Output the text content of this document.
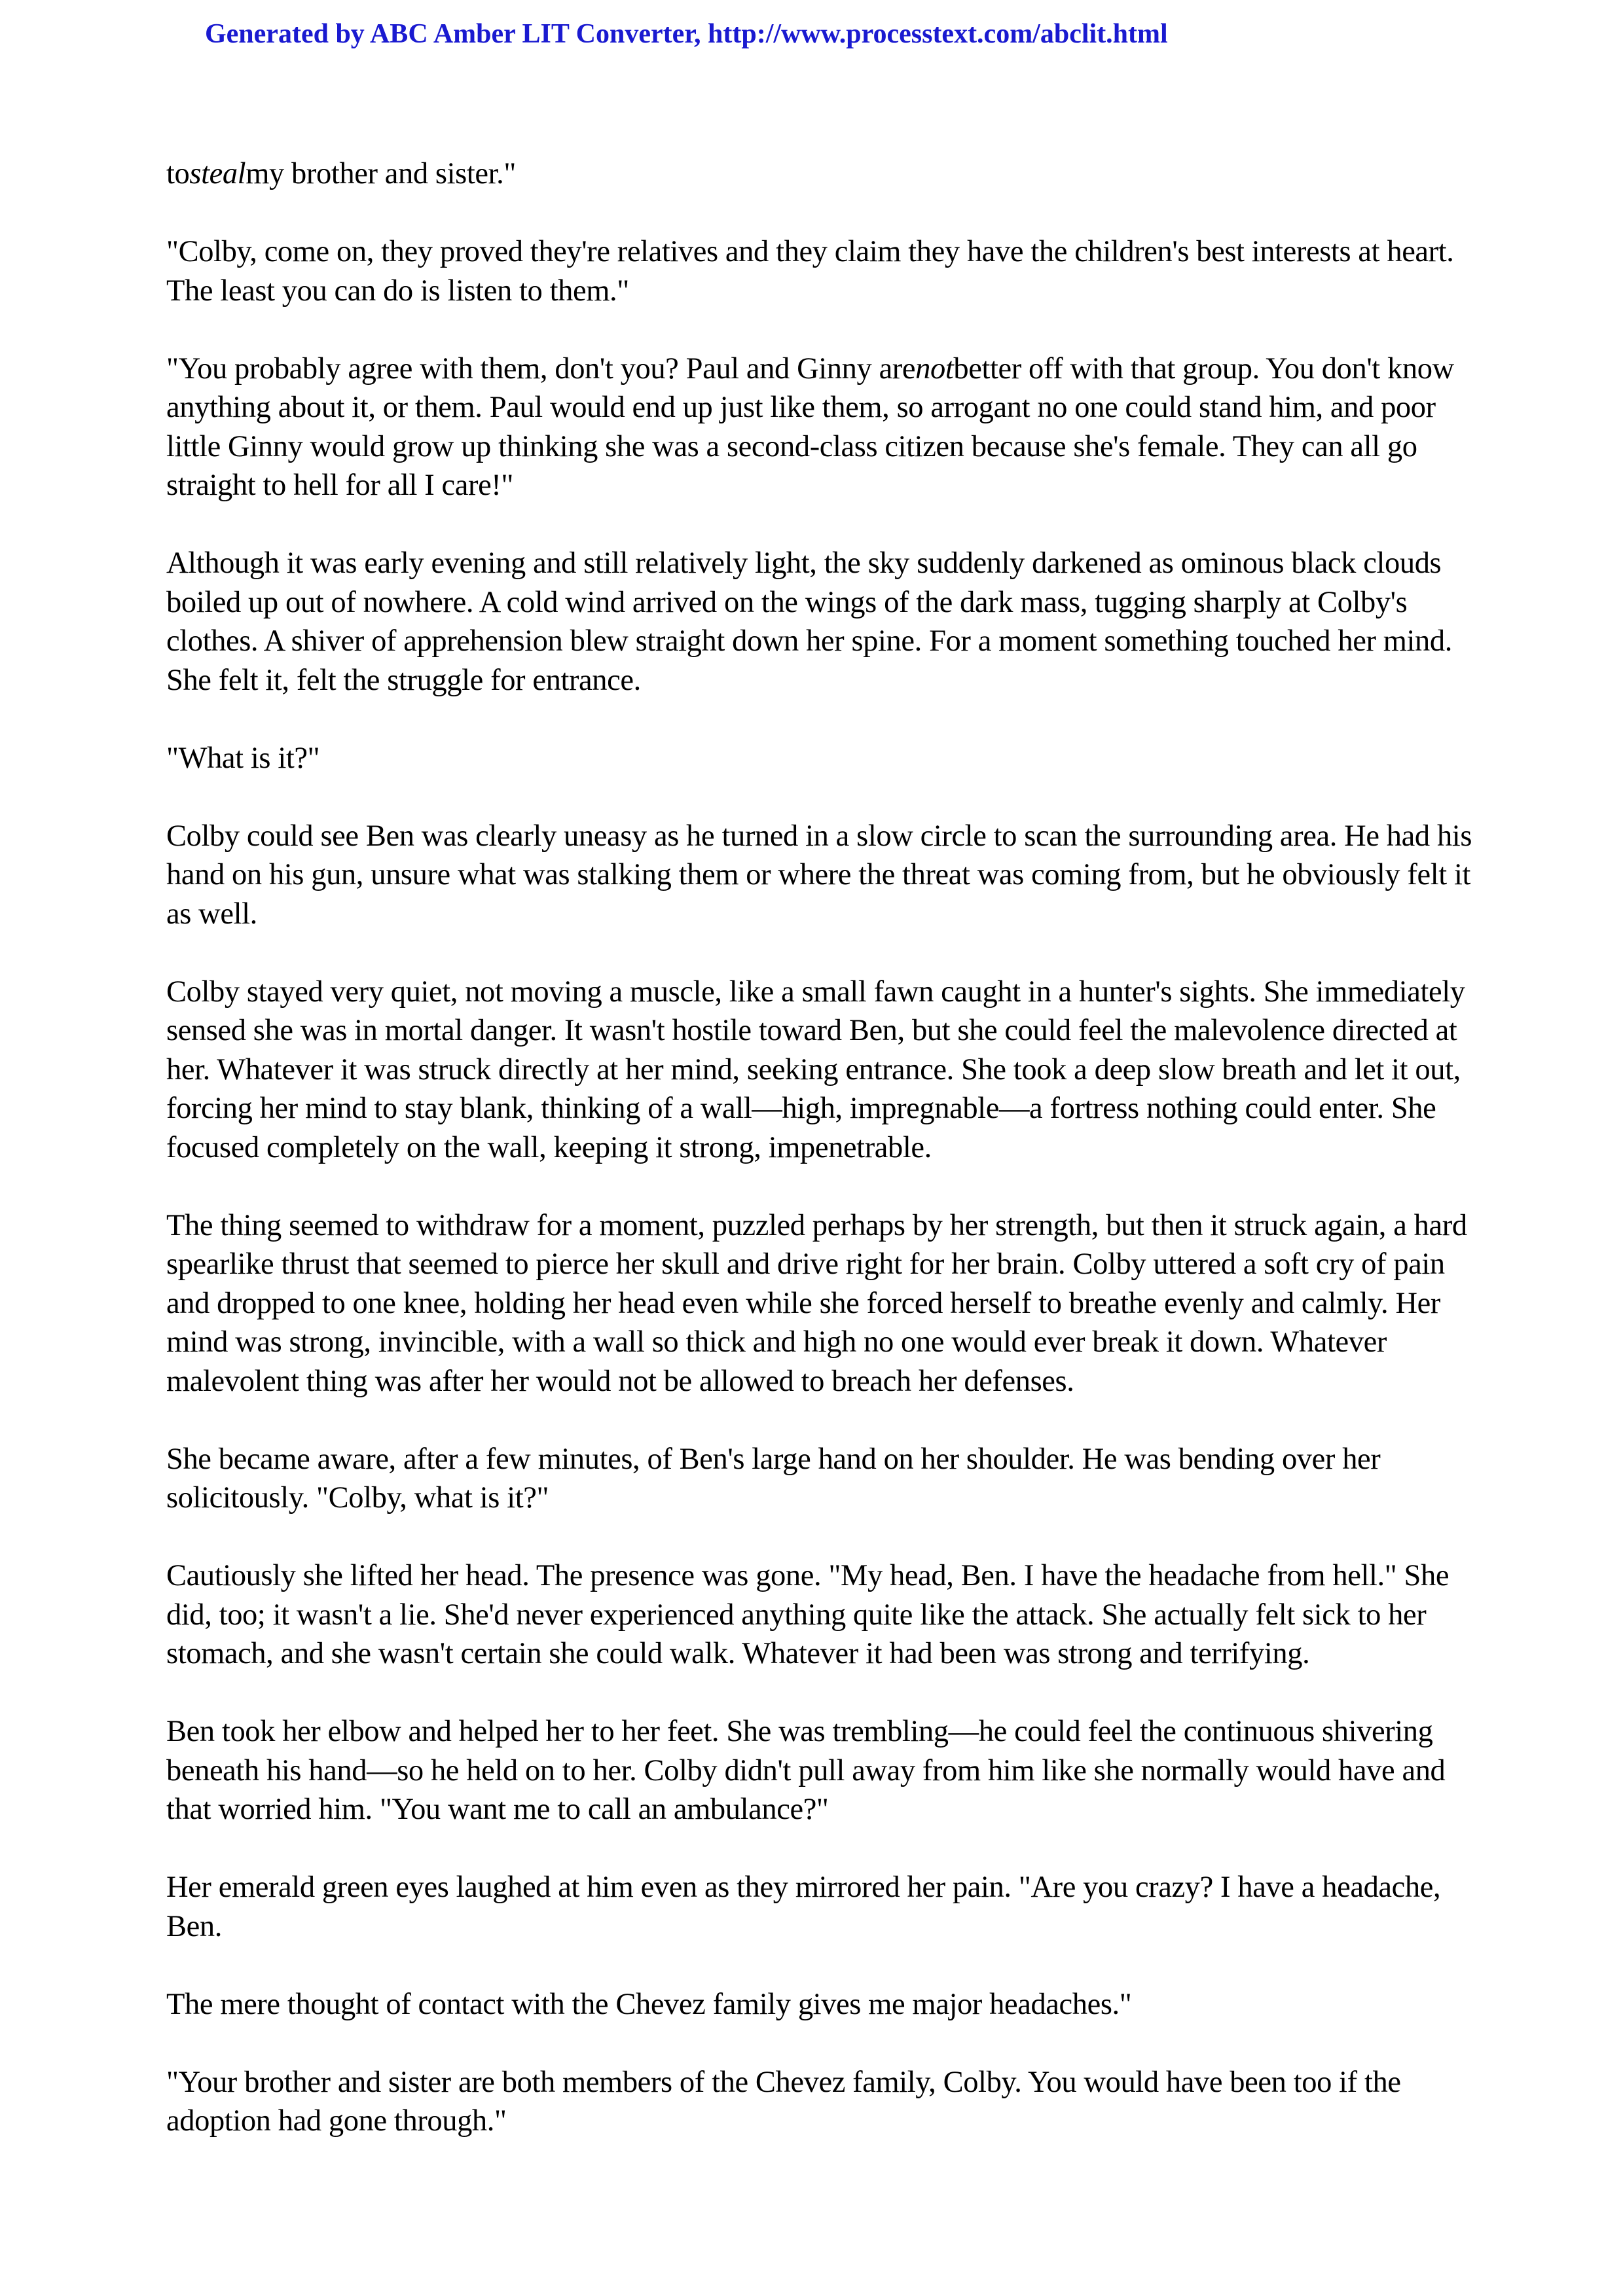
Generated by ABC Amber LIT Converter, http://www.processtext.com/abclit.html

tostealmy brother and sister."

"Colby, come on, they proved they're relatives and they claim they have the children's best interests at heart. The least you can do is listen to them."

"You probably agree with them, don't you? Paul and Ginny arenotbetter off with that group. You don't know anything about it, or them. Paul would end up just like them, so arrogant no one could stand him, and poor little Ginny would grow up thinking she was a second-class citizen because she's female. They can all go straight to hell for all I care!"

Although it was early evening and still relatively light, the sky suddenly darkened as ominous black clouds boiled up out of nowhere. A cold wind arrived on the wings of the dark mass, tugging sharply at Colby's clothes. A shiver of apprehension blew straight down her spine. For a moment something touched her mind. She felt it, felt the struggle for entrance.

"What is it?"

Colby could see Ben was clearly uneasy as he turned in a slow circle to scan the surrounding area. He had his hand on his gun, unsure what was stalking them or where the threat was coming from, but he obviously felt it as well.

Colby stayed very quiet, not moving a muscle, like a small fawn caught in a hunter's sights. She immediately sensed she was in mortal danger. It wasn't hostile toward Ben, but she could feel the malevolence directed at her. Whatever it was struck directly at her mind, seeking entrance. She took a deep slow breath and let it out, forcing her mind to stay blank, thinking of a wall—high, impregnable—a fortress nothing could enter. She focused completely on the wall, keeping it strong, impenetrable.

The thing seemed to withdraw for a moment, puzzled perhaps by her strength, but then it struck again, a hard spearlike thrust that seemed to pierce her skull and drive right for her brain. Colby uttered a soft cry of pain and dropped to one knee, holding her head even while she forced herself to breathe evenly and calmly. Her mind was strong, invincible, with a wall so thick and high no one would ever break it down. Whatever malevolent thing was after her would not be allowed to breach her defenses.

She became aware, after a few minutes, of Ben's large hand on her shoulder. He was bending over her solicitously. "Colby, what is it?"

Cautiously she lifted her head. The presence was gone. "My head, Ben. I have the headache from hell." She did, too; it wasn't a lie. She'd never experienced anything quite like the attack. She actually felt sick to her stomach, and she wasn't certain she could walk. Whatever it had been was strong and terrifying.

Ben took her elbow and helped her to her feet. She was trembling—he could feel the continuous shivering beneath his hand—so he held on to her. Colby didn't pull away from him like she normally would have and that worried him. "You want me to call an ambulance?"

Her emerald green eyes laughed at him even as they mirrored her pain. "Are you crazy? I have a headache, Ben.

The mere thought of contact with the Chevez family gives me major headaches."

"Your brother and sister are both members of the Chevez family, Colby. You would have been too if the adoption had gone through."
